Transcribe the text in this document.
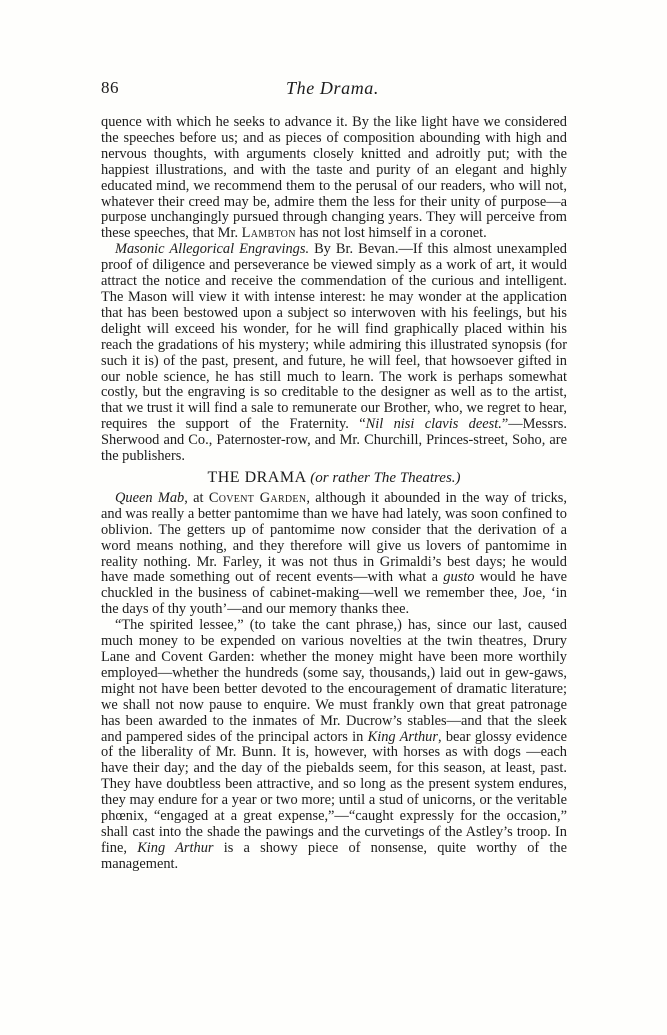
86	The Drama.

quence with which he seeks to advance it. By the like light have we considered the speeches before us; and as pieces of composition abounding with high and nervous thoughts, with arguments closely knitted and adroitly put; with the happiest illustrations, and with the taste and purity of an elegant and highly educated mind, we recommend them to the perusal of our readers, who will not, whatever their creed may be, admire them the less for their unity of purpose—a purpose unchangingly pursued through changing years. They will perceive from these speeches, that Mr. Lambton has not lost himself in a coronet.

Masonic Allegorical Engravings. By Br. Bevan.—If this almost unexampled proof of diligence and perseverance be viewed simply as a work of art, it would attract the notice and receive the commendation of the curious and intelligent. The Mason will view it with intense interest: he may wonder at the application that has been bestowed upon a subject so interwoven with his feelings, but his delight will exceed his wonder, for he will find graphically placed within his reach the gradations of his mystery; while admiring this illustrated synopsis (for such it is) of the past, present, and future, he will feel, that howsoever gifted in our noble science, he has still much to learn. The work is perhaps somewhat costly, but the engraving is so creditable to the designer as well as to the artist, that we trust it will find a sale to remunerate our Brother, who, we regret to hear, requires the support of the Fraternity. “Nil nisi clavis deest.”—Messrs. Sherwood and Co., Paternoster-row, and Mr. Churchill, Princes-street, Soho, are the publishers.

THE DRAMA (or rather The Theatres.)

Queen Mab, at Covent Garden, although it abounded in the way of tricks, and was really a better pantomime than we have had lately, was soon confined to oblivion. The getters up of pantomime now consider that the derivation of a word means nothing, and they therefore will give us lovers of pantomime in reality nothing. Mr. Farley, it was not thus in Grimaldi’s best days; he would have made something out of recent events—with what a gusto would he have chuckled in the business of cabinet-making—well we remember thee, Joe, ‘in the days of thy youth’—and our memory thanks thee.

“The spirited lessee,” (to take the cant phrase,) has, since our last, caused much money to be expended on various novelties at the twin theatres, Drury Lane and Covent Garden: whether the money might have been more worthily employed—whether the hundreds (some say, thousands,) laid out in gew-gaws, might not have been better devoted to the encouragement of dramatic literature; we shall not now pause to enquire. We must frankly own that great patronage has been awarded to the inmates of Mr. Ducrow’s stables—and that the sleek and pampered sides of the principal actors in King Arthur, bear glossy evidence of the liberality of Mr. Bunn. It is, however, with horses as with dogs —each have their day; and the day of the piebalds seem, for this season, at least, past. They have doubtless been attractive, and so long as the present system endures, they may endure for a year or two more; until a stud of unicorns, or the veritable phœnix, “engaged at a great expense,”—“caught expressly for the occasion,” shall cast into the shade the pawings and the curvetings of the Astley’s troop. In fine, King Arthur is a showy piece of nonsense, quite worthy of the management.
